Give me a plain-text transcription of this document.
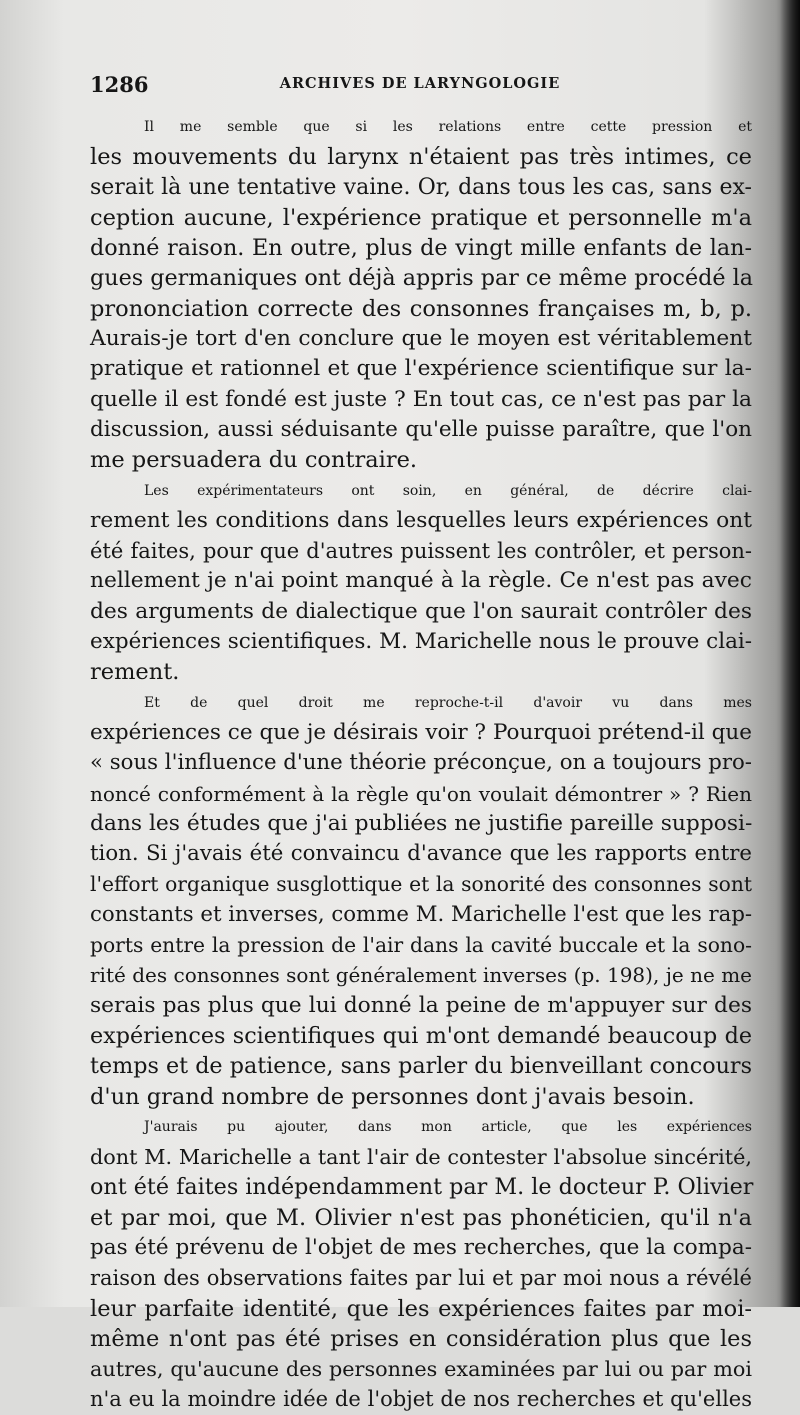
1286	ARCHIVES DE LARYNGOLOGIE

Il me semble que si les relations entre cette pression et
les mouvements du larynx n'étaient pas très intimes, ce
serait là une tentative vaine. Or, dans tous les cas, sans ex-
ception aucune, l'expérience pratique et personnelle m'a
donné raison. En outre, plus de vingt mille enfants de lan-
gues germaniques ont déjà appris par ce même procédé la
prononciation correcte des consonnes françaises m, b, p.
Aurais-je tort d'en conclure que le moyen est véritablement
pratique et rationnel et que l'expérience scientifique sur la-
quelle il est fondé est juste ? En tout cas, ce n'est pas par la
discussion, aussi séduisante qu'elle puisse paraître, que l'on
me persuadera du contraire.

Les expérimentateurs ont soin, en général, de décrire clai-
rement les conditions dans lesquelles leurs expériences ont
été faites, pour que d'autres puissent les contrôler, et person-
nellement je n'ai point manqué à la règle. Ce n'est pas avec
des arguments de dialectique que l'on saurait contrôler des
expériences scientifiques. M. Marichelle nous le prouve clai-
rement.

Et de quel droit me reproche-t-il d'avoir vu dans mes
expériences ce que je désirais voir ? Pourquoi prétend-il que
« sous l'influence d'une théorie préconçue, on a toujours pro-
noncé conformément à la règle qu'on voulait démontrer » ? Rien
dans les études que j'ai publiées ne justifie pareille supposi-
tion. Si j'avais été convaincu d'avance que les rapports entre
l'effort organique susglottique et la sonorité des consonnes sont
constants et inverses, comme M. Marichelle l'est que les rap-
ports entre la pression de l'air dans la cavité buccale et la sono-
rité des consonnes sont généralement inverses (p. 198), je ne me
serais pas plus que lui donné la peine de m'appuyer sur des
expériences scientifiques qui m'ont demandé beaucoup de
temps et de patience, sans parler du bienveillant concours
d'un grand nombre de personnes dont j'avais besoin.

J'aurais pu ajouter, dans mon article, que les expériences
dont M. Marichelle a tant l'air de contester l'absolue sincérité,
ont été faites indépendamment par M. le docteur P. Olivier
et par moi, que M. Olivier n'est pas phonéticien, qu'il n'a
pas été prévenu de l'objet de mes recherches, que la compa-
raison des observations faites par lui et par moi nous a révélé
leur parfaite identité, que les expériences faites par moi-
même n'ont pas été prises en considération plus que les
autres, qu'aucune des personnes examinées par lui ou par moi
n'a eu la moindre idée de l'objet de nos recherches et qu'elles
